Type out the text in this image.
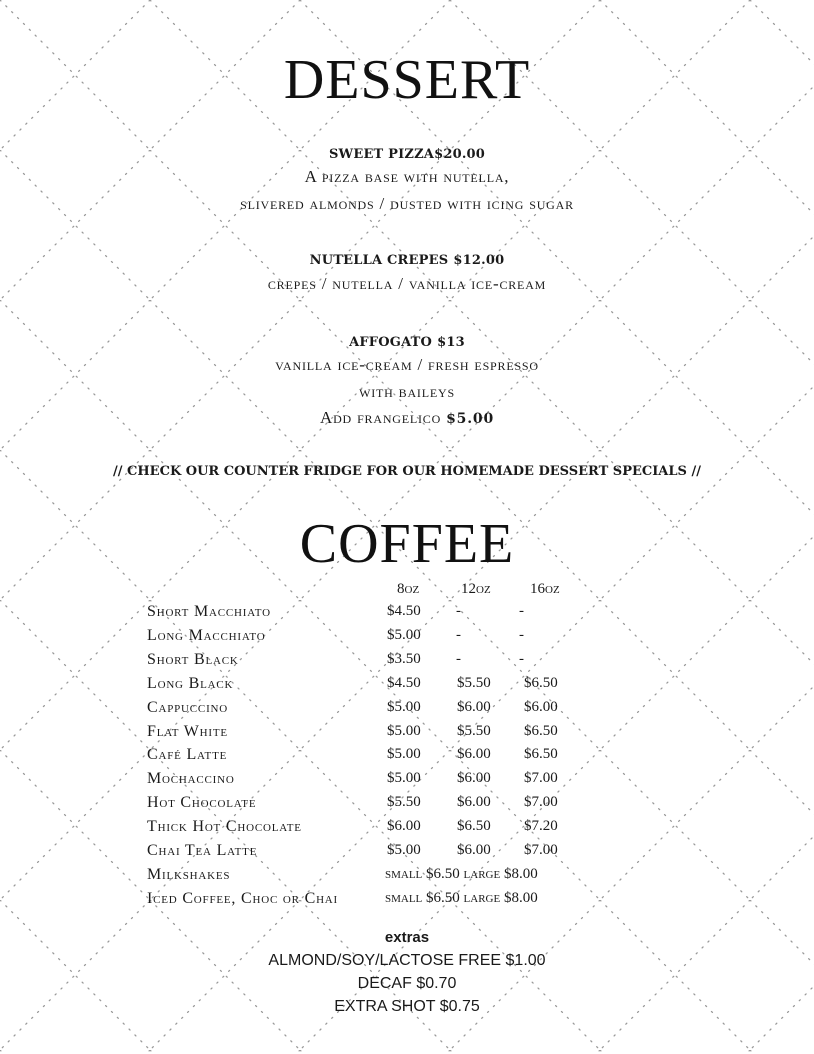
DESSERT
SWEET PIZZA$20.00
A pizza base with nutella,
slivered almonds / dusted with icing sugar
NUTELLA CREPES $12.00
crepes / nutella / vanilla ice-cream
AFFOGATO $13
vanilla ice-cream / fresh espresso
with baileys
Add frangelico $5.00
// CHECK OUR COUNTER FRIDGE FOR OUR HOMEMADE DESSERT SPECIALS //
COFFEE
8oz	12oz	16oz
Short Macchiato	$4.50 -	-
Long Macchiato	$5.00 -	-
Short Black	$3.50 -	-
Long Black	$4.50 $5.50 $6.50
Cappuccino	$5.00 $6.00 $6.00
Flat White	$5.00 $5.50 $6.50
Café Latte	$5.00 $6.00 $6.50
Mochaccino	$5.00 $6.00 $7.00
Hot Chocolate	$5.50 $6.00 $7.00
Thick Hot Chocolate	$6.00 $6.50 $7.20
Chai Tea Latte	$5.00 $6.00 $7.00
Milkshakes	small $6.50 large $8.00
Iced Coffee, Choc or Chai	small $6.50 large $8.00
extras
ALMOND/SOY/LACTOSE FREE $1.00
DECAF $0.70
EXTRA SHOT $0.75
